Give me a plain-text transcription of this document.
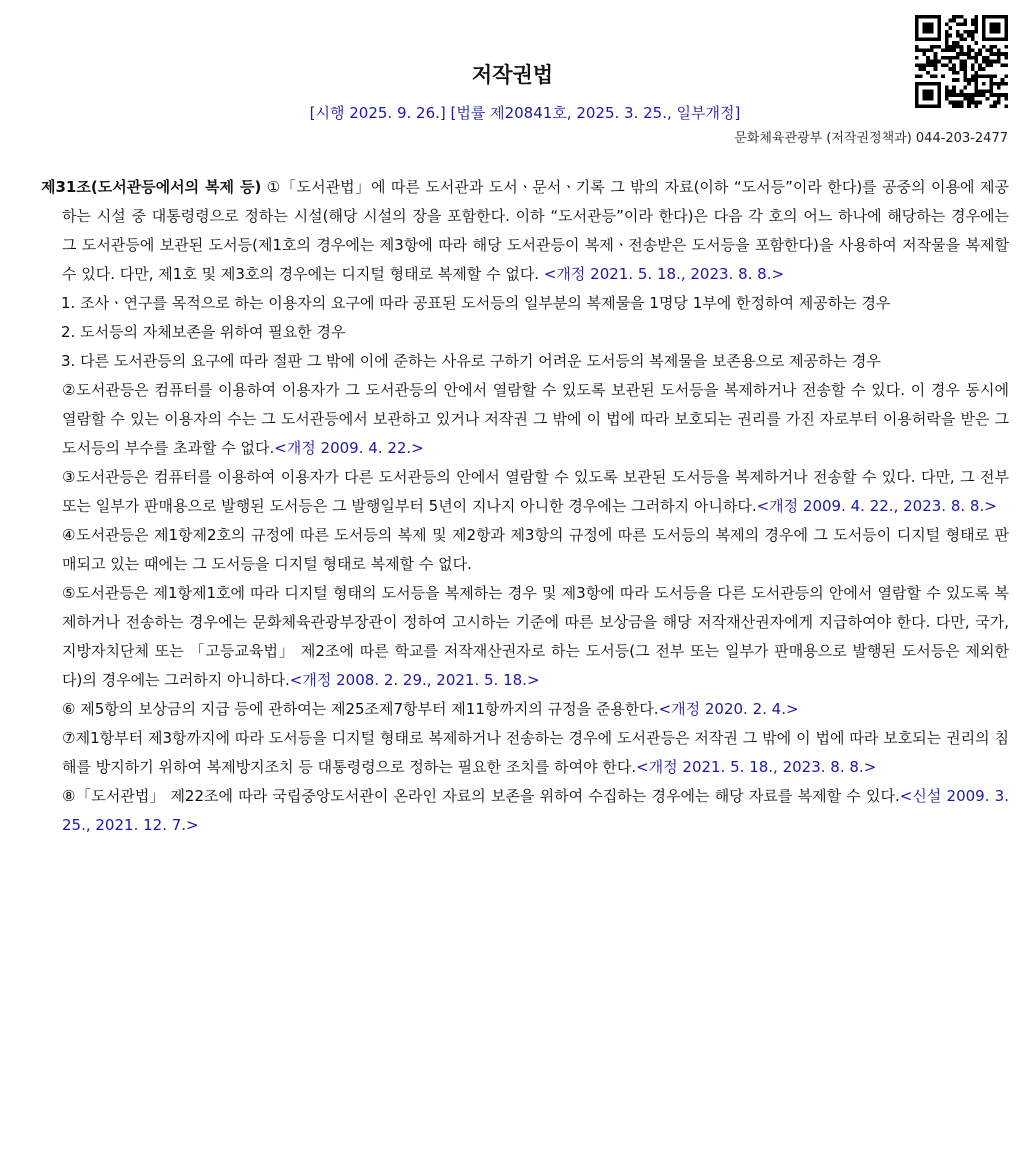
저작권법
[시행 2025. 9. 26.] [법률 제20841호, 2025. 3. 25., 일부개정]
문화체육관광부 (저작권정책과) 044-203-2477
제31조(도서관등에서의 복제 등) ①「도서관법」에 따른 도서관과 도서ㆍ문서ㆍ기록 그 밖의 자료(이하 “도서등”이라 한다)를 공중의 이용에 제공하는 시설 중 대통령령으로 정하는 시설(해당 시설의 장을 포함한다. 이하 “도서관등”이라 한다)은 다음 각 호의 어느 하나에 해당하는 경우에는 그 도서관등에 보관된 도서등(제1호의 경우에는 제3항에 따라 해당 도서관등이 복제ㆍ전송받은 도서등을 포함한다)을 사용하여 저작물을 복제할 수 있다. 다만, 제1호 및 제3호의 경우에는 디지털 형태로 복제할 수 없다. <개정 2021. 5. 18., 2023. 8. 8.>
1. 조사ㆍ연구를 목적으로 하는 이용자의 요구에 따라 공표된 도서등의 일부분의 복제물을 1명당 1부에 한정하여 제공하는 경우
2. 도서등의 자체보존을 위하여 필요한 경우
3. 다른 도서관등의 요구에 따라 절판 그 밖에 이에 준하는 사유로 구하기 어려운 도서등의 복제물을 보존용으로 제공하는 경우
②도서관등은 컴퓨터를 이용하여 이용자가 그 도서관등의 안에서 열람할 수 있도록 보관된 도서등을 복제하거나 전송할 수 있다. 이 경우 동시에 열람할 수 있는 이용자의 수는 그 도서관등에서 보관하고 있거나 저작권 그 밖에 이 법에 따라 보호되는 권리를 가진 자로부터 이용허락을 받은 그 도서등의 부수를 초과할 수 없다.<개정 2009. 4. 22.>
③도서관등은 컴퓨터를 이용하여 이용자가 다른 도서관등의 안에서 열람할 수 있도록 보관된 도서등을 복제하거나 전송할 수 있다. 다만, 그 전부 또는 일부가 판매용으로 발행된 도서등은 그 발행일부터 5년이 지나지 아니한 경우에는 그러하지 아니하다.<개정 2009. 4. 22., 2023. 8. 8.>
④도서관등은 제1항제2호의 규정에 따른 도서등의 복제 및 제2항과 제3항의 규정에 따른 도서등의 복제의 경우에 그 도서등이 디지털 형태로 판매되고 있는 때에는 그 도서등을 디지털 형태로 복제할 수 없다.
⑤도서관등은 제1항제1호에 따라 디지털 형태의 도서등을 복제하는 경우 및 제3항에 따라 도서등을 다른 도서관등의 안에서 열람할 수 있도록 복제하거나 전송하는 경우에는 문화체육관광부장관이 정하여 고시하는 기준에 따른 보상금을 해당 저작재산권자에게 지급하여야 한다. 다만, 국가, 지방자치단체 또는 「고등교육법」 제2조에 따른 학교를 저작재산권자로 하는 도서등(그 전부 또는 일부가 판매용으로 발행된 도서등은 제외한다)의 경우에는 그러하지 아니하다.<개정 2008. 2. 29., 2021. 5. 18.>
⑥ 제5항의 보상금의 지급 등에 관하여는 제25조제7항부터 제11항까지의 규정을 준용한다.<개정 2020. 2. 4.>
⑦제1항부터 제3항까지에 따라 도서등을 디지털 형태로 복제하거나 전송하는 경우에 도서관등은 저작권 그 밖에 이 법에 따라 보호되는 권리의 침해를 방지하기 위하여 복제방지조치 등 대통령령으로 정하는 필요한 조치를 하여야 한다.<개정 2021. 5. 18., 2023. 8. 8.>
⑧「도서관법」 제22조에 따라 국립중앙도서관이 온라인 자료의 보존을 위하여 수집하는 경우에는 해당 자료를 복제할 수 있다.<신설 2009. 3. 25., 2021. 12. 7.>
